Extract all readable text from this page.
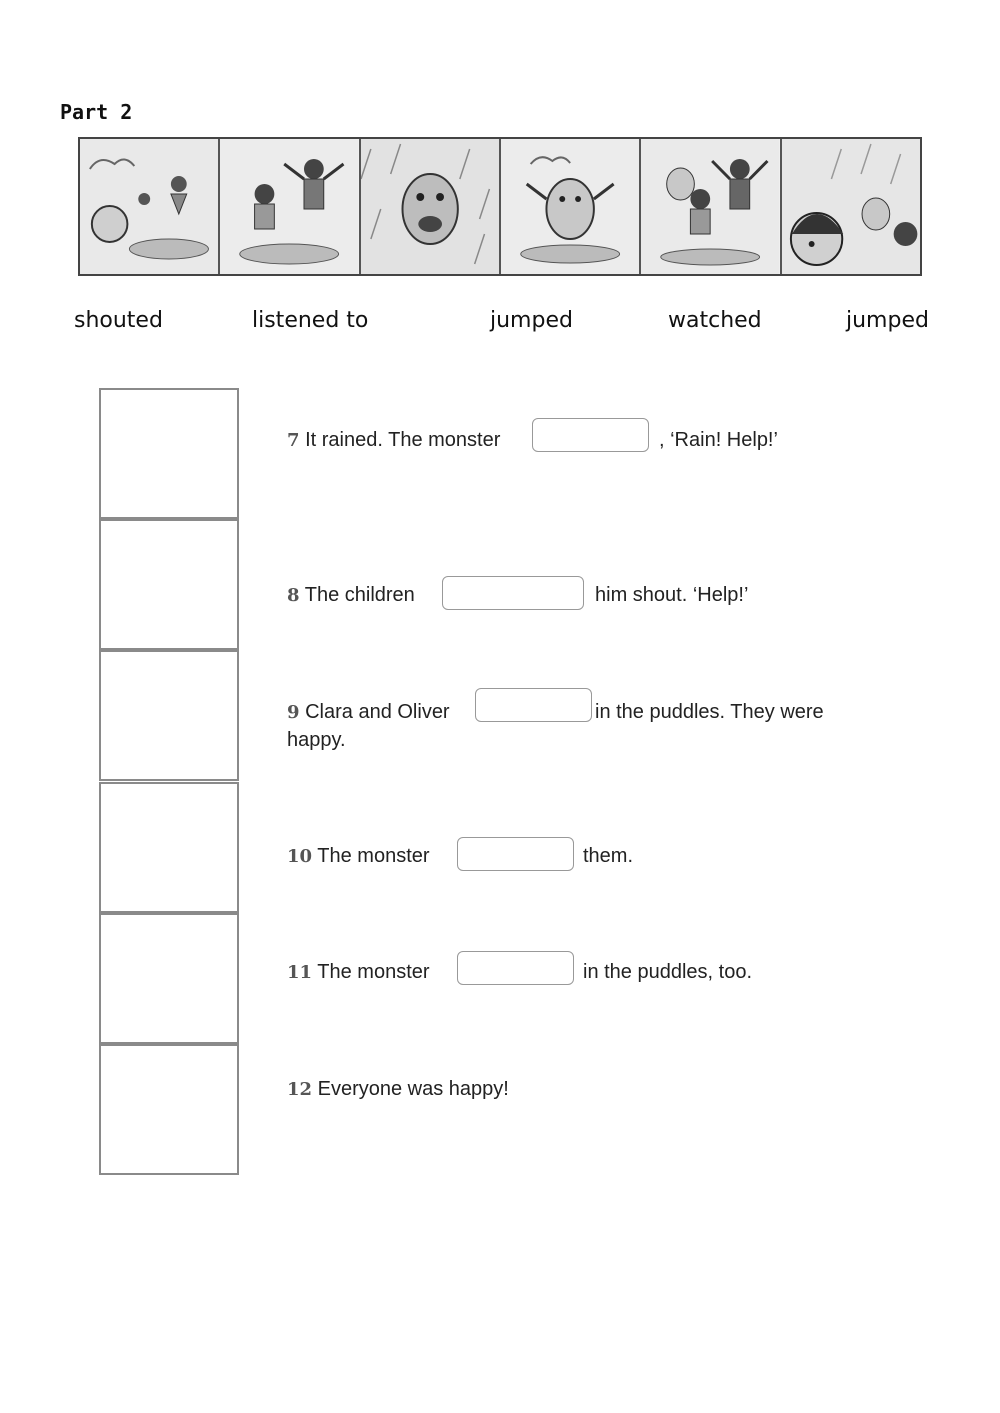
Part 2
shouted	listened to	jumped	watched	jumped
7 It rained. The monster	, ‘Rain! Help!’
8 The children	him shout. ‘Help!’
9 Clara and Oliver	in the puddles. They were
happy.
10 The monster	them.
11 The monster	in the puddles, too.
12 Everyone was happy!
